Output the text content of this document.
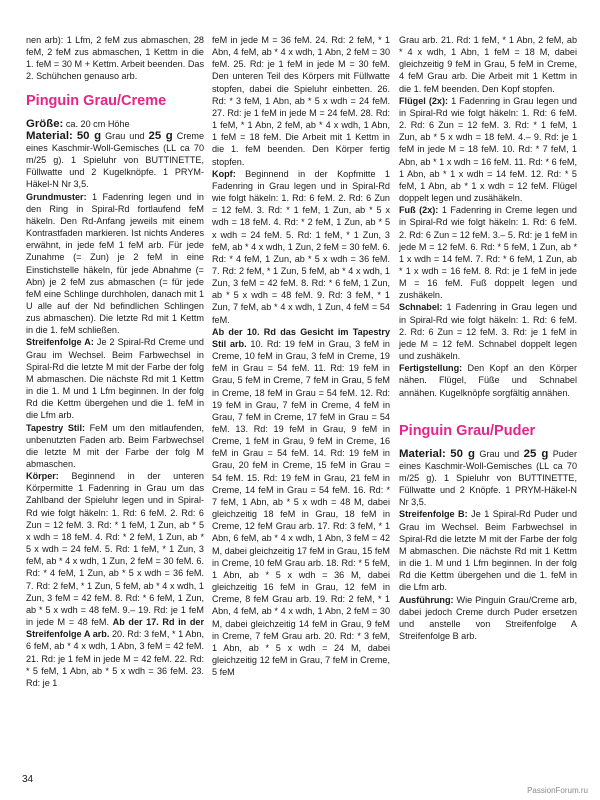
nen arb): 1 Lfm, 2 feM zus abmaschen, 28 feM, 2 feM zus abmaschen, 1 Kettm in die 1. feM = 30 M + Kettm. Arbeit beenden. Das 2. Schühchen genauso arb.

Pinguin Grau/Creme

Größe: ca. 20 cm Höhe

Material: 50 g Grau und 25 g Creme eines Kaschmir-Woll-Gemisches (LL ca 70 m/25 g). 1 Spieluhr von BUTTINETTE, Füllwatte und 2 Kugelknöpfe. 1 PRYM-Häkel-N Nr 3,5.

Grundmuster: 1 Fadenring legen und in den Ring in Spiral-Rd fortlaufend feM häkeln. Den Rd-Anfang jeweils mit einem Kontrastfaden markieren. Ist nichts Anderes erwähnt, in jede feM 1 feM arb. Für jede Zunahme (= Zun) je 2 feM in eine Einstichstelle häkeln, für jede Abnahme (= Abn) je 2 feM zus abmaschen (= für jede feM eine Schlinge durchholen, danach mit 1 U alle auf der Nd befindlichen Schlingen zus abmaschen). Die letzte Rd mit 1 Kettm in die 1. feM schließen.

Streifenfolge A: Je 2 Spiral-Rd Creme und Grau im Wechsel. Beim Farbwechsel in Spiral-Rd die letzte M mit der Farbe der folg M abmaschen. Die nächste Rd mit 1 Kettm in die 1. M und 1 Lfm beginnen. In der folg Rd die Kettm übergehen und die 1. feM in die Lfm arb.

Tapestry Stil: FeM um den mitlaufenden, unbenutzten Faden arb. Beim Farbwechsel die letzte M mit der Farbe der folg M abmaschen.

Körper: Beginnend in der unteren Körpermitte 1 Fadenring in Grau um das Zahlband der Spieluhr legen und in Spiral-Rd wie folgt häkeln: 1. Rd: 6 feM. 2. Rd: 6 Zun = 12 feM. 3. Rd: * 1 feM, 1 Zun, ab * 5 x wdh = 18 feM. 4. Rd: * 2 feM, 1 Zun, ab * 5 x wdh = 24 feM. 5. Rd: 1 feM, * 1 Zun, 3 feM, ab * 4 x wdh, 1 Zun, 2 feM = 30 feM. 6. Rd: * 4 feM, 1 Zun, ab * 5 x wdh = 36 feM. 7. Rd: 2 feM, * 1 Zun, 5 feM, ab * 4 x wdh, 1 Zun, 3 feM = 42 feM. 8. Rd: * 6 feM, 1 Zun, ab * 5 x wdh = 48 feM. 9.– 19. Rd: je 1 feM in jede M = 48 feM. Ab der 17. Rd in der Streifenfolge A arb. 20. Rd: 3 feM, * 1 Abn, 6 feM, ab * 4 x wdh, 1 Abn, 3 feM = 42 feM. 21. Rd: je 1 feM in jede M = 42 feM. 22. Rd: * 5 feM, 1 Abn, ab * 5 x wdh = 36 feM. 23. Rd: je 1

feM in jede M = 36 feM. 24. Rd: 2 feM, * 1 Abn, 4 feM, ab * 4 x wdh, 1 Abn, 2 feM = 30 feM. 25. Rd: je 1 feM in jede M = 30 feM. Den unteren Teil des Körpers mit Füllwatte stopfen, dabei die Spieluhr einbetten. 26. Rd: * 3 feM, 1 Abn, ab * 5 x wdh = 24 feM. 27. Rd: je 1 feM in jede M = 24 feM. 28. Rd: 1 feM, * 1 Abn, 2 feM, ab * 4 x wdh, 1 Abn, 1 feM = 18 feM. Die Arbeit mit 1 Kettm in die 1. feM beenden. Den Körper fertig stopfen.

Kopf: Beginnend in der Kopfmitte 1 Fadenring in Grau legen und in Spiral-Rd wie folgt häkeln: 1. Rd: 6 feM. 2. Rd: 6 Zun = 12 feM. 3. Rd: * 1 feM, 1 Zun, ab * 5 x wdh = 18 feM. 4. Rd: * 2 feM, 1 Zun, ab * 5 x wdh = 24 feM. 5. Rd: 1 feM, * 1 Zun, 3 feM, ab * 4 x wdh, 1 Zun, 2 feM = 30 feM. 6. Rd: * 4 feM, 1 Zun, ab * 5 x wdh = 36 feM. 7. Rd: 2 feM, * 1 Zun, 5 feM, ab * 4 x wdh, 1 Zun, 3 feM = 42 feM. 8. Rd: * 6 feM, 1 Zun, ab * 5 x wdh = 48 feM. 9. Rd: 3 feM, * 1 Zun, 7 feM, ab * 4 x wdh, 1 Zun, 4 feM = 54 feM.

Ab der 10. Rd das Gesicht im Tapestry Stil arb. 10. Rd: 19 feM in Grau, 3 feM in Creme, 10 feM in Grau, 3 feM in Creme, 19 feM in Grau = 54 feM. 11. Rd: 19 feM in Grau, 5 feM in Creme, 7 feM in Grau, 5 feM in Creme, 18 feM in Grau = 54 feM. 12. Rd: 19 feM in Grau, 7 feM in Creme, 4 feM in Grau, 7 feM in Creme, 17 feM in Grau = 54 feM. 13. Rd: 19 feM in Grau, 9 feM in Creme, 1 feM in Grau, 9 feM in Creme, 16 feM in Grau = 54 feM. 14. Rd: 19 feM in Grau, 20 feM in Creme, 15 feM in Grau = 54 feM. 15. Rd: 19 feM in Grau, 21 feM in Creme, 14 feM in Grau = 54 feM. 16. Rd: * 7 feM, 1 Abn, ab * 5 x wdh = 48 M, dabei gleichzeitig 18 feM in Grau, 18 feM in Creme, 12 feM Grau arb. 17. Rd: 3 feM, * 1 Abn, 6 feM, ab * 4 x wdh, 1 Abn, 3 feM = 42 M, dabei gleichzeitig 17 feM in Grau, 15 feM in Creme, 10 feM Grau arb. 18. Rd: * 5 feM, 1 Abn, ab * 5 x wdh = 36 M, dabei gleichzeitig 16 feM in Grau, 12 feM in Creme, 8 feM Grau arb. 19. Rd: 2 feM, * 1 Abn, 4 feM, ab * 4 x wdh, 1 Abn, 2 feM = 30 M, dabei gleichzeitig 14 feM in Grau, 9 feM in Creme, 7 feM Grau arb. 20. Rd: * 3 feM, 1 Abn, ab * 5 x wdh = 24 M, dabei gleichzeitig 12 feM in Grau, 7 feM in Creme, 5 feM

Grau arb. 21. Rd: 1 feM, * 1 Abn, 2 feM, ab * 4 x wdh, 1 Abn, 1 feM = 18 M, dabei gleichzeitig 9 feM in Grau, 5 feM in Creme, 4 feM Grau arb. Die Arbeit mit 1 Kettm in die 1. feM beenden. Den Kopf stopfen.

Flügel (2x): 1 Fadenring in Grau legen und in Spiral-Rd wie folgt häkeln: 1. Rd: 6 feM. 2. Rd: 6 Zun = 12 feM. 3. Rd: * 1 feM, 1 Zun, ab * 5 x wdh = 18 feM. 4.– 9. Rd: je 1 feM in jede M = 18 feM. 10. Rd: * 7 feM, 1 Abn, ab * 1 x wdh = 16 feM. 11. Rd: * 6 feM, 1 Abn, ab * 1 x wdh = 14 feM. 12. Rd: * 5 feM, 1 Abn, ab * 1 x wdh = 12 feM. Flügel doppelt legen und zusähäkeln.

Fuß (2x): 1 Fadenring in Creme legen und in Spiral-Rd wie folgt häkeln: 1. Rd: 6 feM. 2. Rd: 6 Zun = 12 feM. 3.– 5. Rd: je 1 feM in jede M = 12 feM. 6. Rd: * 5 feM, 1 Zun, ab * 1 x wdh = 14 feM. 7. Rd: * 6 feM, 1 Zun, ab * 1 x wdh = 16 feM. 8. Rd: je 1 feM in jede M = 16 feM. Fuß doppelt legen und zushäkeln.

Schnabel: 1 Fadenring in Grau legen und in Spiral-Rd wie folgt häkeln: 1. Rd: 6 feM. 2. Rd: 6 Zun = 12 feM. 3. Rd: je 1 feM in jede M = 12 feM. Schnabel doppelt legen und zushäkeln.

Fertigstellung: Den Kopf an den Körper nähen. Flügel, Füße und Schnabel annähen. Kugelknöpfe sorgfältig annähen.

Pinguin Grau/Puder

Material: 50 g Grau und 25 g Puder eines Kaschmir-Woll-Gemisches (LL ca 70 m/25 g). 1 Spieluhr von BUTTINETTE, Füllwatte und 2 Knöpfe. 1 PRYM-Häkel-N Nr 3,5.

Streifenfolge B: Je 1 Spiral-Rd Puder und Grau im Wechsel. Beim Farbwechsel in Spiral-Rd die letzte M mit der Farbe der folg M abmaschen. Die nächste Rd mit 1 Kettm in die 1. M und 1 Lfm beginnen. In der folg Rd die Kettm übergehen und die 1. feM in die Lfm arb.

Ausführung: Wie Pinguin Grau/Creme arb, dabei jedoch Creme durch Puder ersetzen und anstelle von Streifenfolge A Streifenfolge B arb.

34
PassionForum.ru
